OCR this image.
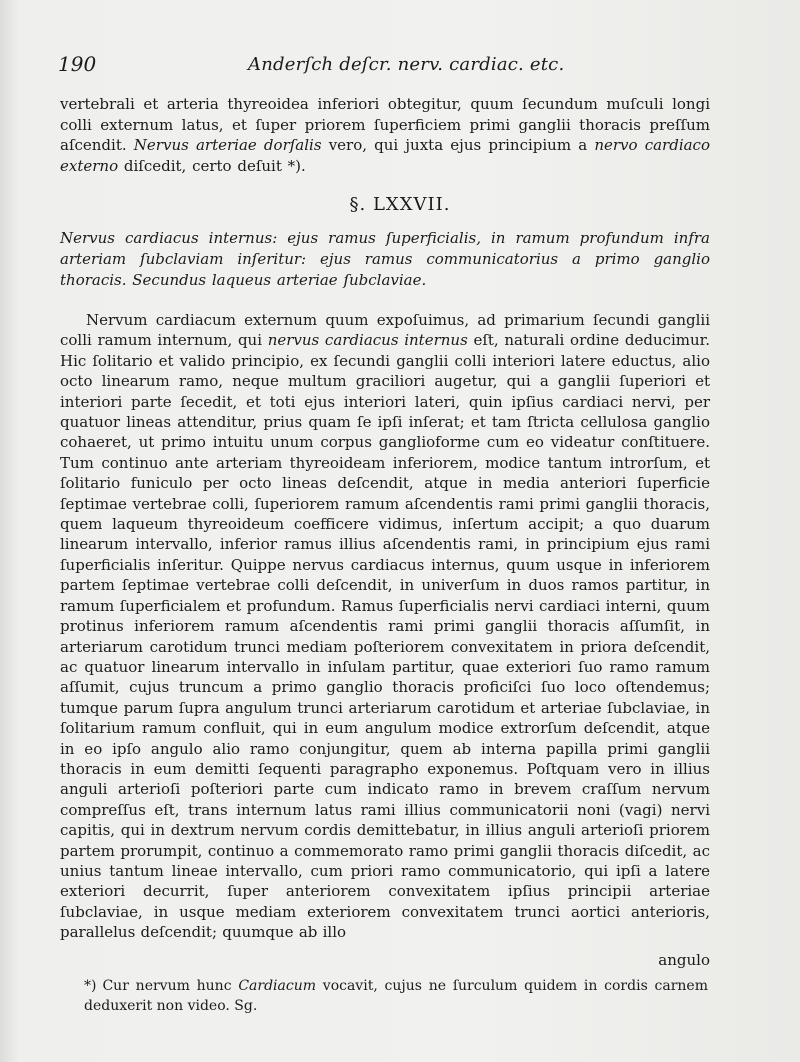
190	Anderſch deſcr. nerv. cardiac. etc.
vertebrali et arteria thyreoidea inferiori obtegitur, quum ſecundum muſculi longi colli externum latus, et ſuper priorem ſuperficiem primi ganglii thoracis preſſum aſcendit. Nervus arteriae dorſalis vero, qui juxta ejus principium a nervo cardiaco externo diſcedit, certo deſuit *).
§. LXXVII.
Nervus cardiacus internus: ejus ramus ſuperficialis, in ramum profundum infra arteriam ſubclaviam inſeritur: ejus ramus communicatorius a primo ganglio thoracis. Secundus laqueus arteriae ſubclaviae.

Nervum cardiacum externum quum expoſuimus, ad primarium ſecundi ganglii colli ramum internum, qui nervus cardiacus internus eſt, naturali ordine deducimur. Hic ſolitario et valido principio, ex ſecundi ganglii colli interiori latere eductus, alio octo linearum ramo, neque multum graciliori augetur, qui a ganglii ſuperiori et interiori parte ſecedit, et toti ejus interiori lateri, quin ipſius cardiaci nervi, per quatuor lineas attenditur, prius quam ſe ipſi inſerat; et tam ſtricta cellulosa ganglio cohaeret, ut primo intuitu unum corpus ganglioforme cum eo videatur conſtituere. Tum continuo ante arteriam thyreoideam inferiorem, modice tantum introrſum, et ſolitario funiculo per octo lineas deſcendit, atque in media anteriori ſuperficie ſeptimae vertebrae colli, ſuperiorem ramum aſcendentis rami primi ganglii thoracis, quem laqueum thyreoideum coefficere vidimus, inſertum accipit; a quo duarum linearum intervallo, inferior ramus illius aſcendentis rami, in principium ejus rami ſuperficialis inſeritur. Quippe nervus cardiacus internus, quum usque in inferiorem partem ſeptimae vertebrae colli deſcendit, in univerſum in duos ramos partitur, in ramum ſuperficialem et profundum. Ramus ſuperficialis nervi cardiaci interni, quum protinus inferiorem ramum aſcendentis rami primi ganglii thoracis aſſumſit, in arteriarum carotidum trunci mediam poſteriorem convexitatem in priora deſcendit, ac quatuor linearum intervallo in inſulam partitur, quae exteriori ſuo ramo ramum aſſumit, cujus truncum a primo ganglio thoracis proficiſci ſuo loco oſtendemus; tumque parum ſupra angulum trunci arteriarum carotidum et arteriae ſubclaviae, in ſolitarium ramum confluit, qui in eum angulum modice extrorſum deſcendit, atque in eo ipſo angulo alio ramo conjungitur, quem ab interna papilla primi ganglii thoracis in eum demitti ſequenti paragrapho exponemus. Poſtquam vero in illius anguli arterioſi poſteriori parte cum indicato ramo in brevem craſſum nervum compreſſus eſt, trans internum latus rami illius communicatorii noni (vagi) nervi capitis, qui in dextrum nervum cordis demittebatur, in illius anguli arterioſi priorem partem prorumpit, continuo a commemorato ramo primi ganglii thoracis diſcedit, ac unius tantum lineae intervallo, cum priori ramo communicatorio, qui ipſi a latere exteriori decurrit, ſuper anteriorem convexitatem ipſius principii arteriae ſubclaviae, in usque mediam exteriorem convexitatem trunci aortici anterioris, parallelus deſcendit; quumque ab illo

angulo
*) Cur nervum hunc Cardiacum vocavit, cujus ne ſurculum quidem in cordis carnem deduxerit non video. Sg.
